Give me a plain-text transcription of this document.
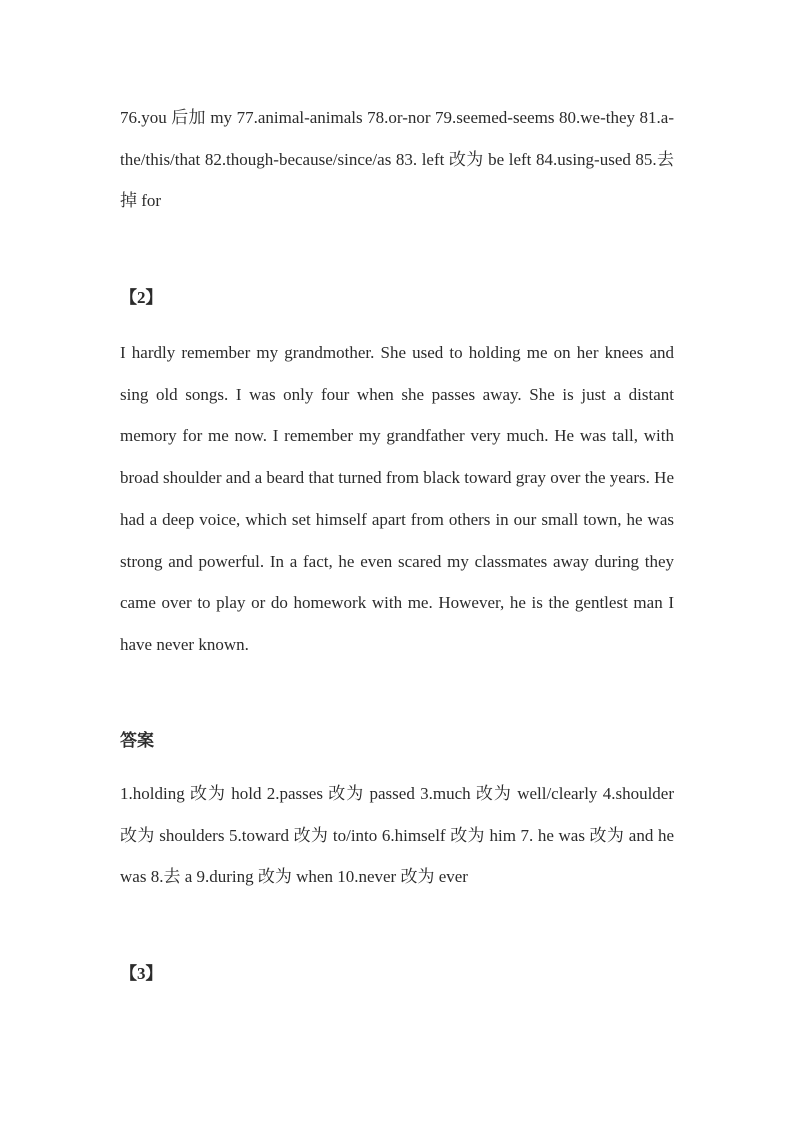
76.you 后加 my 77.animal-animals 78.or-nor 79.seemed-seems 80.we-they 81.a-the/this/that 82.though-because/since/as 83. left 改为 be left 84.using-used 85.去掉 for

【2】

I hardly remember my grandmother. She used to holding me on her knees and sing old songs. I was only four when she passes away. She is just a distant memory for me now. I remember my grandfather very much. He was tall, with broad shoulder and a beard that turned from black toward gray over the years. He had a deep voice, which set himself apart from others in our small town, he was strong and powerful. In a fact, he even scared my classmates away during they came over to play or do homework with me. However, he is the gentlest man I have never known.

答案

1.holding 改为 hold 2.passes 改为 passed 3.much 改为 well/clearly 4.shoulder 改为 shoulders 5.toward 改为 to/into 6.himself 改为 him 7. he was 改为 and he was 8.去 a 9.during 改为 when 10.never 改为 ever

【3】
